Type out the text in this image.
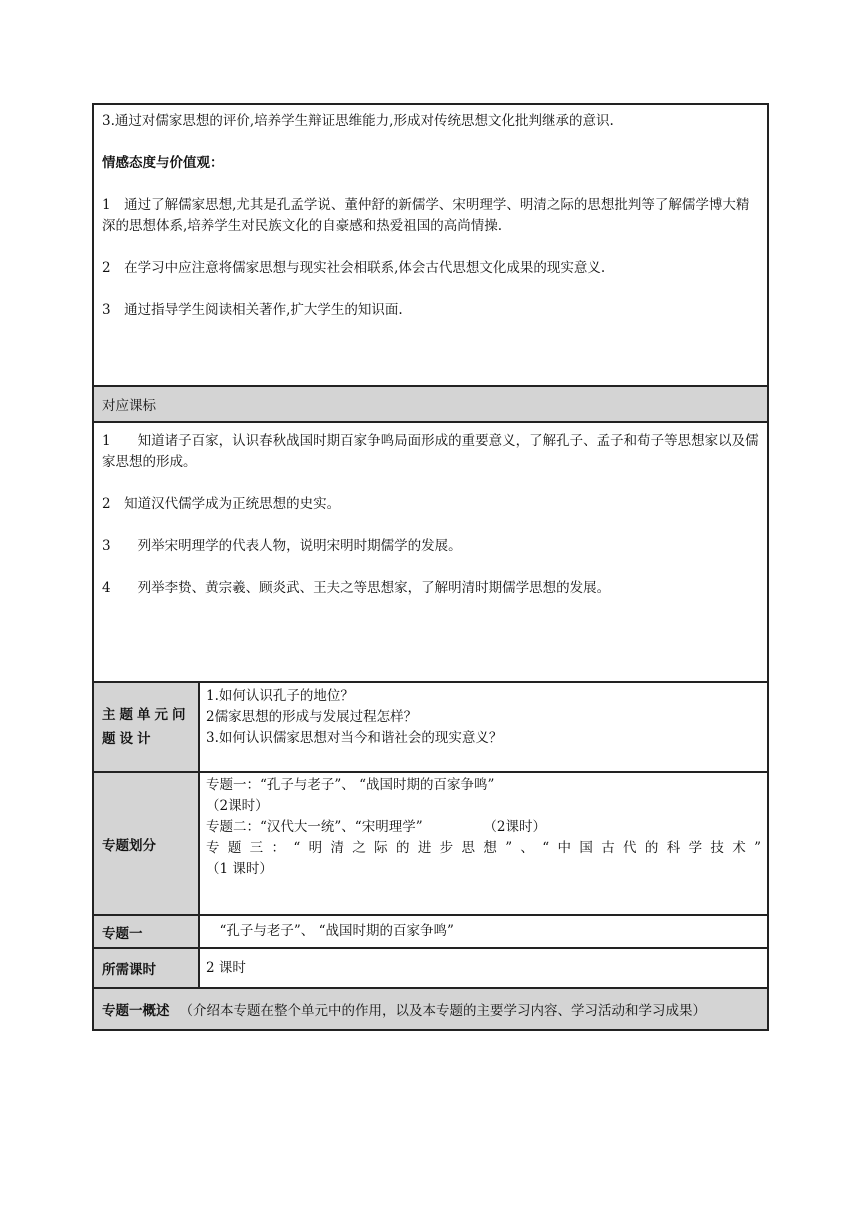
3.通过对儒家思想的评价,培养学生辩证思维能力,形成对传统思想文化批判继承的意识.

情感态度与价值观：

1　通过了解儒家思想,尤其是孔孟学说、董仲舒的新儒学、宋明理学、明清之际的思想批判等了解儒学博大精深的思想体系,培养学生对民族文化的自豪感和热爱祖国的高尚情操.

2　在学习中应注意将儒家思想与现实社会相联系,体会古代思想文化成果的现实意义.

3　通过指导学生阅读相关著作,扩大学生的知识面.

对应课标

1　　知道诸子百家，认识春秋战国时期百家争鸣局面形成的重要意义，了解孔子、孟子和荀子等思想家以及儒家思想的形成。

2　知道汉代儒学成为正统思想的史实。

3　　列举宋明理学的代表人物，说明宋明时期儒学的发展。

4　　列举李贽、黄宗羲、顾炎武、王夫之等思想家，了解明清时期儒学思想的发展。

主题单元问题设计
1.如何认识孔子的地位？
2儒家思想的形成与发展过程怎样？
3.如何认识儒家思想对当今和谐社会的现实意义？
专题划分
专题一：“孔子与老子”、 “战国时期的百家争鸣”
（2课时）
专题二：“汉代大一统”、“宋明理学”　　　　　（2课时）
专题三：“明清之际的进步思想”、“中国古代的科学技术”
（1 课时）
专题一	　“孔子与老子”、 “战国时期的百家争鸣”
所需课时	2 课时
专题一概述 （介绍本专题在整个单元中的作用，以及本专题的主要学习内容、学习活动和学习成果）
